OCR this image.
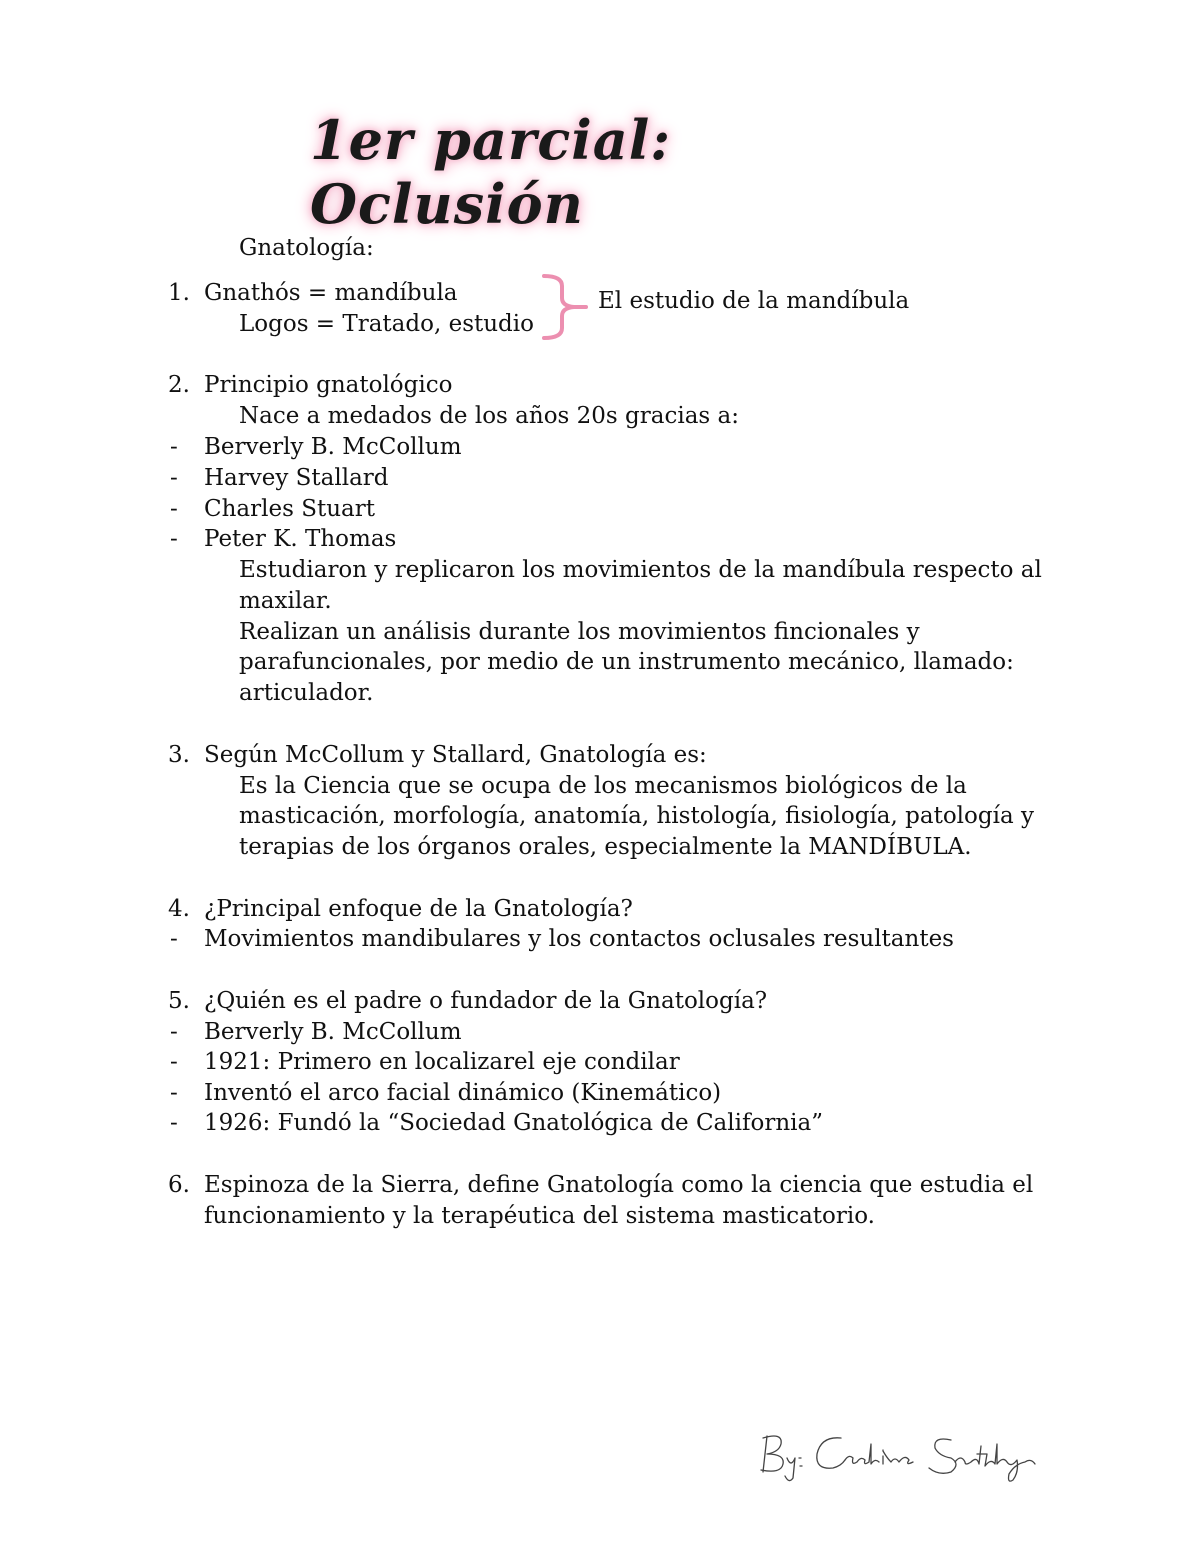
1er parcial: Oclusión
Gnatología:
1. Gnathós = mandíbula
Logos = Tratado, estudio
El estudio de la mandíbula
2. Principio gnatológico
Nace a medados de los años 20s gracias a:
- Berverly B. McCollum
- Harvey Stallard
- Charles Stuart
- Peter K. Thomas
Estudiaron y replicaron los movimientos de la mandíbula respecto al
maxilar.
Realizan un análisis durante los movimientos fincionales y
parafuncionales, por medio de un instrumento mecánico, llamado:
articulador.
3. Según McCollum y Stallard, Gnatología es:
Es la Ciencia que se ocupa de los mecanismos biológicos de la
masticación, morfología, anatomía, histología, fisiología, patología y
terapias de los órganos orales, especialmente la MANDÍBULA.
4. ¿Principal enfoque de la Gnatología?
- Movimientos mandibulares y los contactos oclusales resultantes
5. ¿Quién es el padre o fundador de la Gnatología?
- Berverly B. McCollum
- 1921: Primero en localizarel eje condilar
- Inventó el arco facial dinámico (Kinemático)
- 1926: Fundó la “Sociedad Gnatológica de California”
6. Espinoza de la Sierra, define Gnatología como la ciencia que estudia el
funcionamiento y la terapéutica del sistema masticatorio.
